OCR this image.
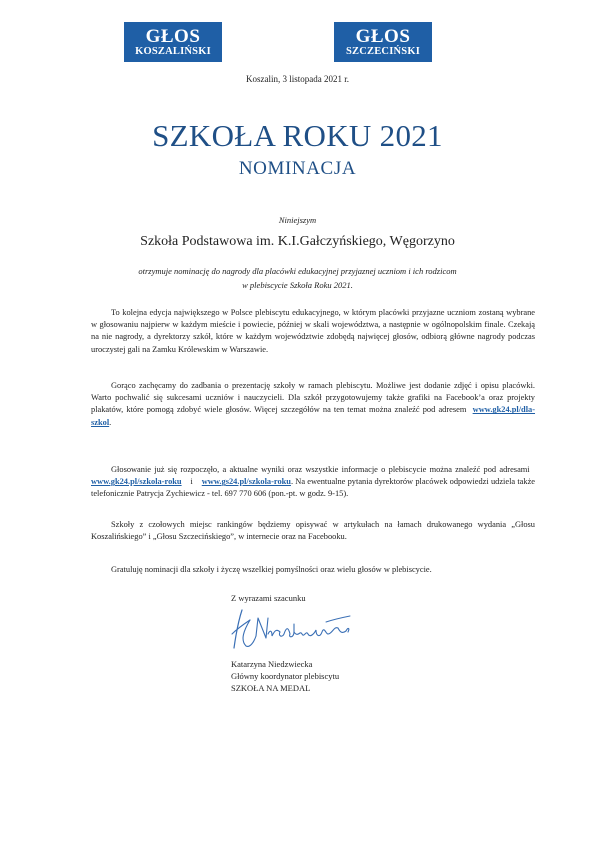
GŁOS
KOSZALIŃSKI
GŁOS
SZCZECIŃSKI
Koszalin, 3 listopada 2021 r.
SZKOŁA ROKU 2021
NOMINACJA
Niniejszym
Szkoła Podstawowa im. K.I.Gałczyńskiego, Węgorzyno
otrzymuje nominację do nagrody dla placówki edukacyjnej przyjaznej uczniom i ich rodzicom
w plebiscycie Szkoła Roku 2021.

To kolejna edycja największego w Polsce plebiscytu edukacyjnego, w którym placówki przyjazne uczniom zostaną wybrane w głosowaniu najpierw w każdym mieście i powiecie, później w skali województwa, a następnie w ogólnopolskim finale. Czekają na nie nagrody, a dyrektorzy szkół, które w każdym województwie zdobędą najwięcej głosów, odbiorą główne nagrody podczas uroczystej gali na Zamku Królewskim w Warszawie.

Gorąco zachęcamy do zadbania o prezentację szkoły w ramach plebiscytu. Możliwe jest dodanie zdjęć i opisu placówki. Warto pochwalić się sukcesami uczniów i nauczycieli. Dla szkół przygotowujemy także grafiki na Facebook’a oraz projekty plakatów, które pomogą zdobyć wiele głosów. Więcej szczegółów na ten temat można znaleźć pod adresem www.gk24.pl/dla-szkol.

Głosowanie już się rozpoczęło, a aktualne wyniki oraz wszystkie informacje o plebiscycie można znaleźć pod adresami   www.gk24.pl/szkola-roku i www.gs24.pl/szkola-roku. Na ewentualne pytania dyrektorów placówek odpowiedzi udziela także telefonicznie Patrycja Zychiewicz - tel. 697 770 606 (pon.-pt. w godz. 9-15).

Szkoły z czołowych miejsc rankingów będziemy opisywać w artykułach na łamach drukowanego wydania „Głosu Koszalińskiego” i „Głosu Szczecińskiego”, w internecie oraz na Facebooku.

Gratuluję nominacji dla szkoły i życzę wszelkiej pomyślności oraz wielu głosów w plebiscycie.

Z wyrazami szacunku
Katarzyna Niedzwiecka
Główny koordynator plebiscytu
SZKOŁA NA MEDAL
